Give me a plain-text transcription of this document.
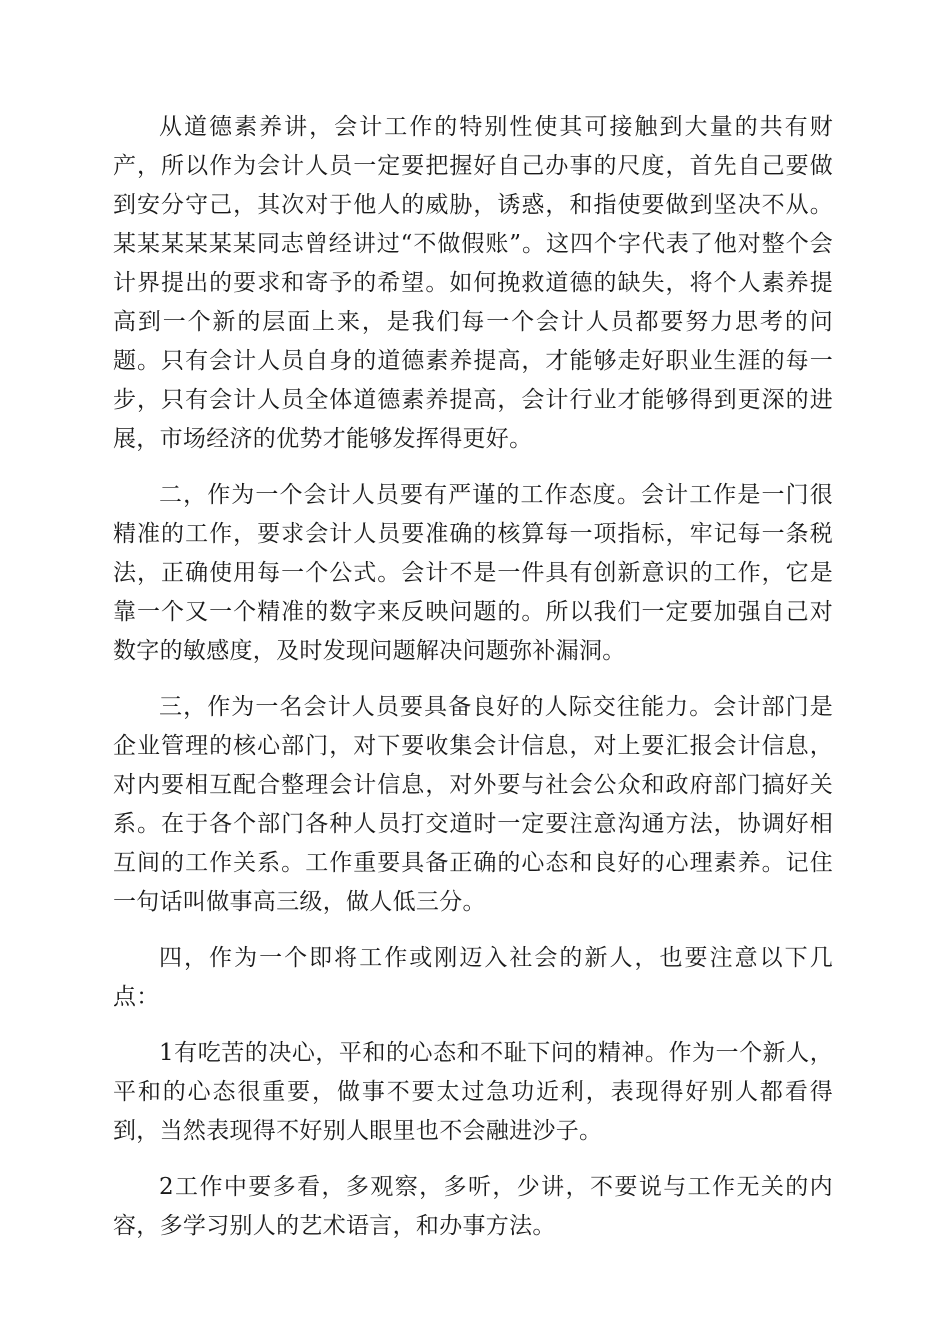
从道德素养讲，会计工作的特别性使其可接触到大量的共有财产，所以作为会计人员一定要把握好自己办事的尺度，首先自己要做到安分守己，其次对于他人的威胁，诱惑，和指使要做到坚决不从。某某某某某某同志曾经讲过“不做假账”。这四个字代表了他对整个会计界提出的要求和寄予的希望。如何挽救道德的缺失，将个人素养提高到一个新的层面上来，是我们每一个会计人员都要努力思考的问题。只有会计人员自身的道德素养提高，才能够走好职业生涯的每一步，只有会计人员全体道德素养提高，会计行业才能够得到更深的进展，市场经济的优势才能够发挥得更好。

二，作为一个会计人员要有严谨的工作态度。会计工作是一门很精准的工作，要求会计人员要准确的核算每一项指标，牢记每一条税法，正确使用每一个公式。会计不是一件具有创新意识的工作，它是靠一个又一个精准的数字来反映问题的。所以我们一定要加强自己对数字的敏感度，及时发现问题解决问题弥补漏洞。

三，作为一名会计人员要具备良好的人际交往能力。会计部门是企业管理的核心部门，对下要收集会计信息，对上要汇报会计信息，对内要相互配合整理会计信息，对外要与社会公众和政府部门搞好关系。在于各个部门各种人员打交道时一定要注意沟通方法，协调好相互间的工作关系。工作重要具备正确的心态和良好的心理素养。记住一句话叫做事高三级，做人低三分。

四，作为一个即将工作或刚迈入社会的新人，也要注意以下几点：

1有吃苦的决心，平和的心态和不耻下问的精神。作为一个新人，平和的心态很重要，做事不要太过急功近利，表现得好别人都看得到，当然表现得不好别人眼里也不会融进沙子。

2工作中要多看，多观察，多听，少讲，不要说与工作无关的内容，多学习别人的艺术语言，和办事方法。
